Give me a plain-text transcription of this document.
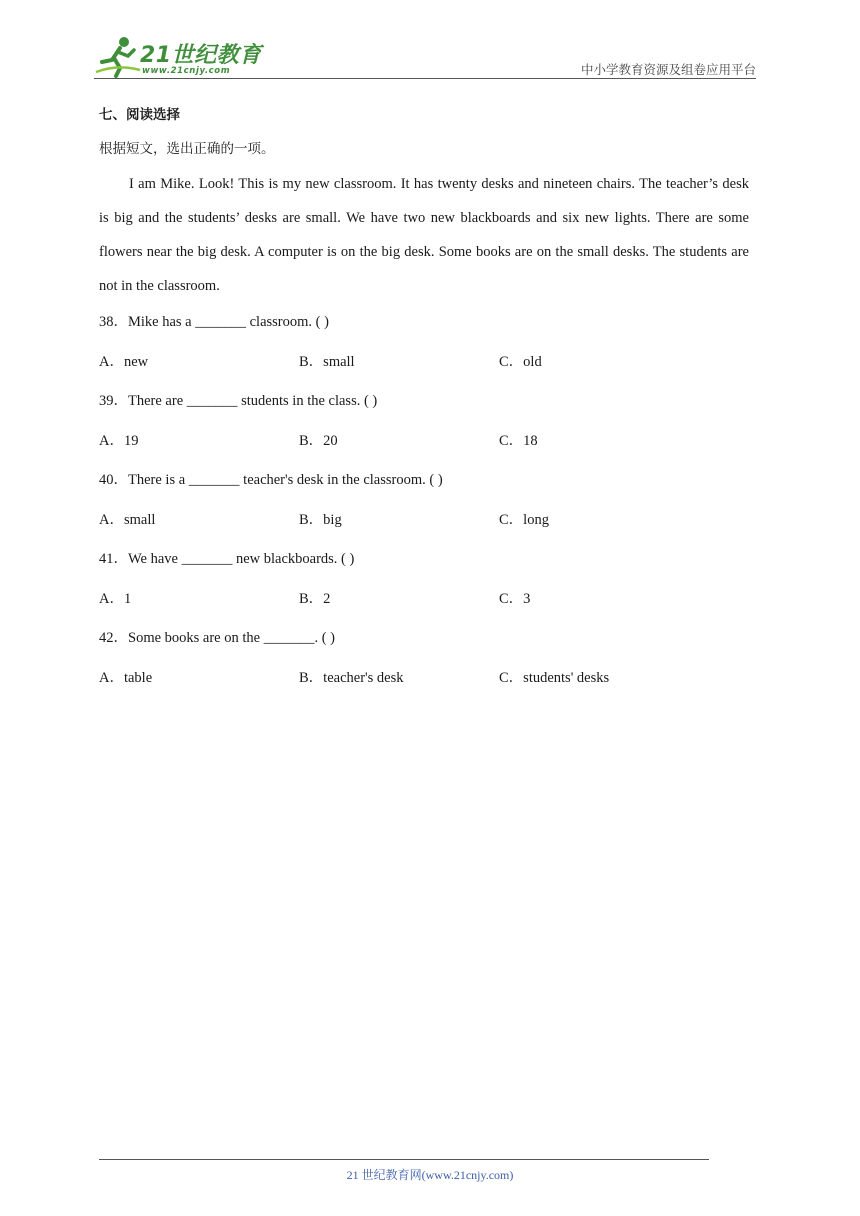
21世纪教育
www.21cnjy.com	中小学教育资源及组卷应用平台
七、阅读选择
根据短文，选出正确的一项。
I am Mike. Look! This is my new classroom. It has twenty desks and nineteen chairs. The teacher’s desk is big and the students’ desks are small. We have two new blackboards and six new lights. There are some flowers near the big desk. A computer is on the big desk. Some books are on the small desks. The students are not in the classroom.
38．Mike has a _______ classroom. ( )
A．new	B．small	C．old
39．There are _______ students in the class. ( )
A．19	B．20	C．18
40．There is a _______ teacher's desk in the classroom. ( )
A．small	B．big	C．long
41．We have _______ new blackboards. ( )
A．1	B．2	C．3
42．Some books are on the _______. ( )
A．table	B．teacher's desk	C．students' desks
21 世纪教育网(www.21cnjy.com)
